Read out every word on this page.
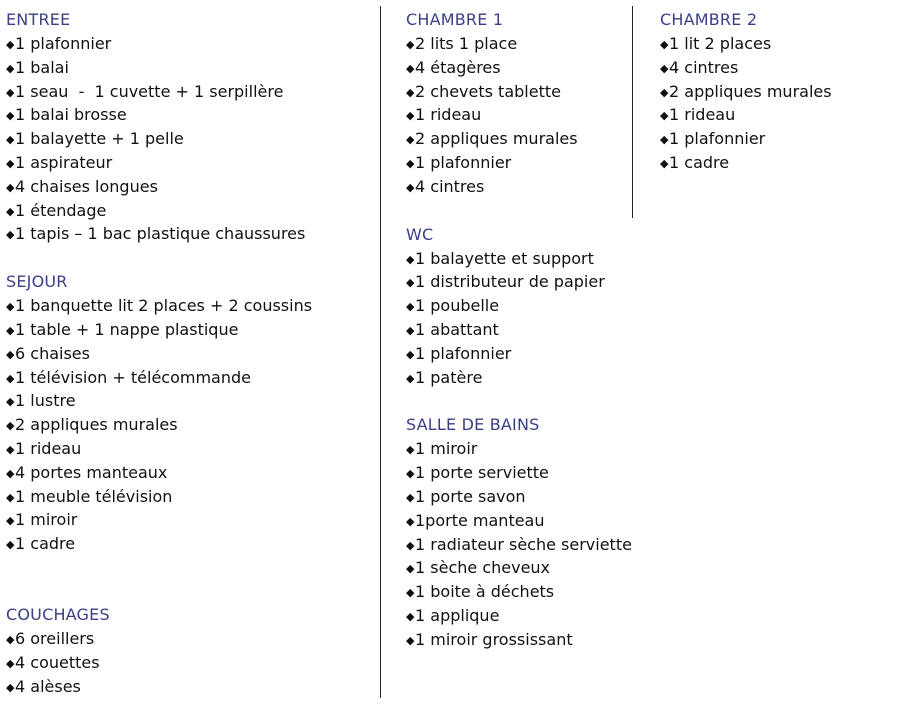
ENTREE
◆1 plafonnier
◆1 balai
◆1 seau  -  1 cuvette + 1 serpillère
◆1 balai brosse
◆1 balayette + 1 pelle
◆1 aspirateur
◆4 chaises longues
◆1 étendage
◆1 tapis – 1 bac plastique chaussures
SEJOUR
◆1 banquette lit 2 places + 2 coussins
◆1 table + 1 nappe plastique
◆6 chaises
◆1 télévision + télécommande
◆1 lustre
◆2 appliques murales
◆1 rideau
◆4 portes manteaux
◆1 meuble télévision
◆1 miroir
◆1 cadre
COUCHAGES
◆6 oreillers
◆4 couettes
◆4 alèses
CHAMBRE 1
◆2 lits 1 place
◆4 étagères
◆2 chevets tablette
◆1 rideau
◆2 appliques murales
◆1 plafonnier
◆4 cintres
WC
◆1 balayette et support
◆1 distributeur de papier
◆1 poubelle
◆1 abattant
◆1 plafonnier
◆1 patère
SALLE DE BAINS
◆1 miroir
◆1 porte serviette
◆1 porte savon
◆1porte manteau
◆1 radiateur sèche serviette
◆1 sèche cheveux
◆1 boite à déchets
◆1 applique
◆1 miroir grossissant
CHAMBRE 2
◆1 lit 2 places
◆4 cintres
◆2 appliques murales
◆1 rideau
◆1 plafonnier
◆1 cadre
